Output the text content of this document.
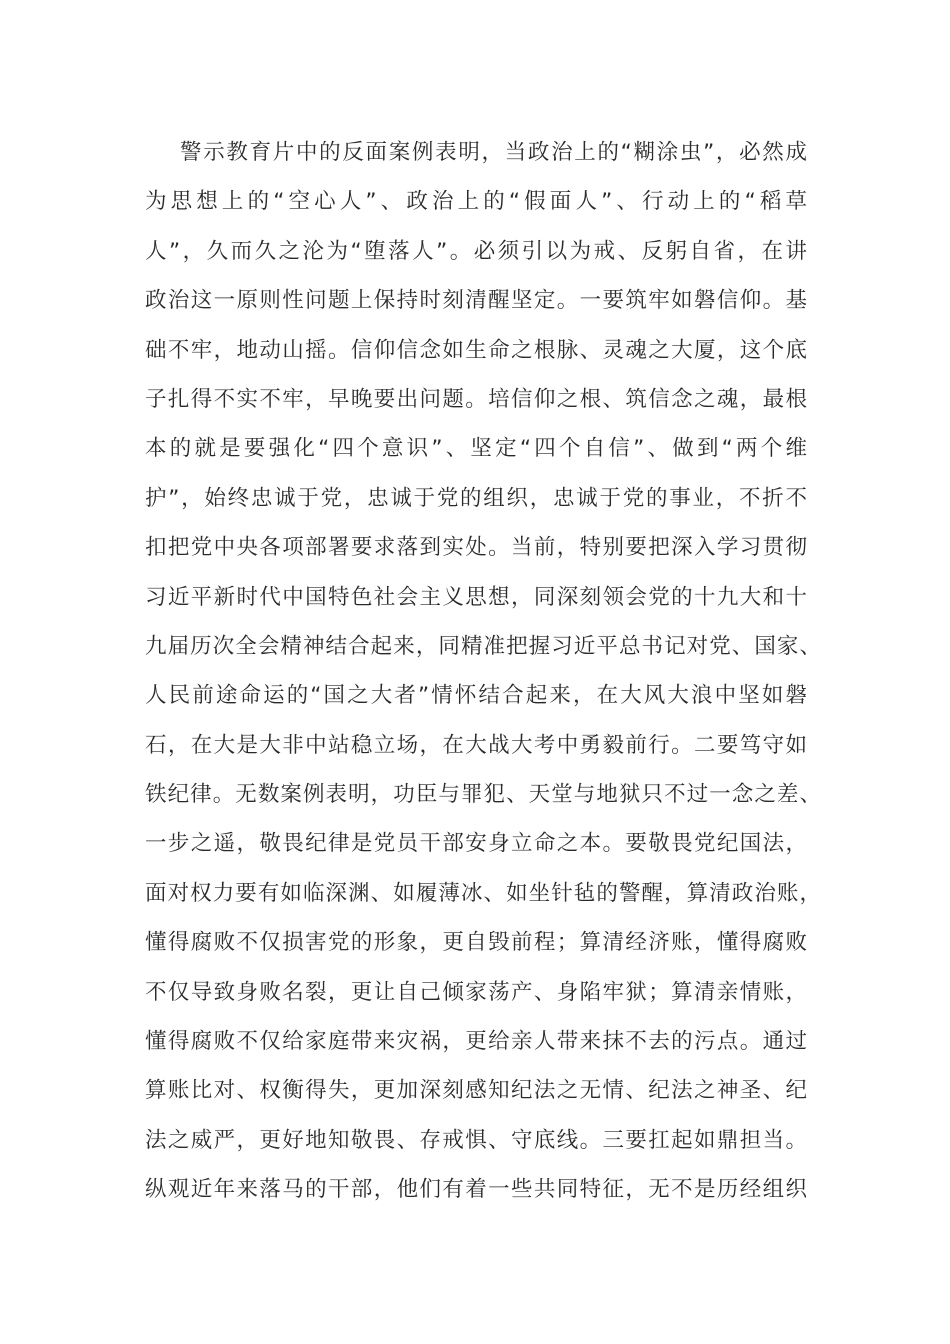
警示教育片中的反面案例表明，当政治上的“糊涂虫”，必然成
为思想上的“空心人”、政治上的“假面人”、行动上的“稻草
人”，久而久之沦为“堕落人”。必须引以为戒、反躬自省，在讲
政治这一原则性问题上保持时刻清醒坚定。一要筑牢如磐信仰。基
础不牢，地动山摇。信仰信念如生命之根脉、灵魂之大厦，这个底
子扎得不实不牢，早晚要出问题。培信仰之根、筑信念之魂，最根
本的就是要强化“四个意识”、坚定“四个自信”、做到“两个维
护”，始终忠诚于党，忠诚于党的组织，忠诚于党的事业，不折不
扣把党中央各项部署要求落到实处。当前，特别要把深入学习贯彻
习近平新时代中国特色社会主义思想，同深刻领会党的十九大和十
九届历次全会精神结合起来，同精准把握习近平总书记对党、国家、
人民前途命运的“国之大者”情怀结合起来，在大风大浪中坚如磐
石，在大是大非中站稳立场，在大战大考中勇毅前行。二要笃守如
铁纪律。无数案例表明，功臣与罪犯、天堂与地狱只不过一念之差、
一步之遥，敬畏纪律是党员干部安身立命之本。要敬畏党纪国法，
面对权力要有如临深渊、如履薄冰、如坐针毡的警醒，算清政治账，
懂得腐败不仅损害党的形象，更自毁前程；算清经济账，懂得腐败
不仅导致身败名裂，更让自己倾家荡产、身陷牢狱；算清亲情账，
懂得腐败不仅给家庭带来灾祸，更给亲人带来抹不去的污点。通过
算账比对、权衡得失，更加深刻感知纪法之无情、纪法之神圣、纪
法之威严，更好地知敬畏、存戒惧、守底线。三要扛起如鼎担当。
纵观近年来落马的干部，他们有着一些共同特征，无不是历经组织
